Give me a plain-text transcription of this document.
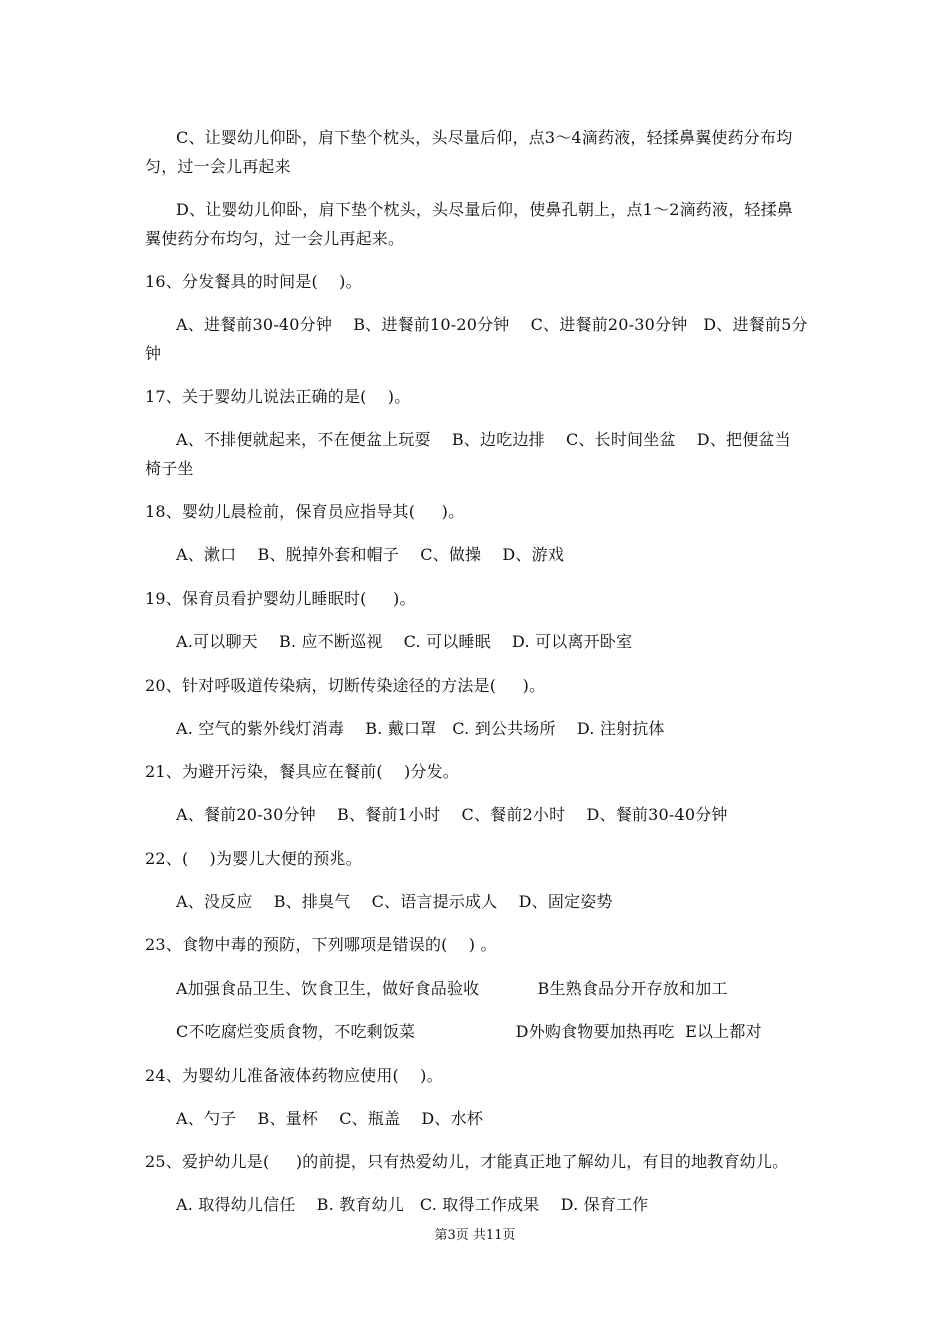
C、让婴幼儿仰卧，肩下垫个枕头，头尽量后仰，点3～4滴药液，轻揉鼻翼使药分布均
匀，过一会儿再起来
D、让婴幼儿仰卧，肩下垫个枕头，头尽量后仰，使鼻孔朝上，点1～2滴药液，轻揉鼻
翼使药分布均匀，过一会儿再起来。
16、分发餐具的时间是(    )。
A、进餐前30-40分钟    B、进餐前10-20分钟    C、进餐前20-30分钟   D、进餐前5分
钟
17、关于婴幼儿说法正确的是(    )。
A、不排便就起来，不在便盆上玩耍    B、边吃边排    C、长时间坐盆    D、把便盆当
椅子坐
18、婴幼儿晨检前，保育员应指导其(     )。
A、漱口    B、脱掉外套和帽子    C、做操    D、游戏
19、保育员看护婴幼儿睡眠时(     )。
A.可以聊天    B. 应不断巡视    C. 可以睡眠    D. 可以离开卧室
20、针对呼吸道传染病，切断传染途径的方法是(     )。
A. 空气的紫外线灯消毒    B. 戴口罩   C. 到公共场所    D. 注射抗体
21、为避开污染，餐具应在餐前(    )分发。
A、餐前20-30分钟    B、餐前1小时    C、餐前2小时    D、餐前30-40分钟
22、(    )为婴儿大便的预兆。
A、没反应    B、排臭气    C、语言提示成人    D、固定姿势
23、食物中毒的预防，下列哪项是错误的(    ) 。
A加强食品卫生、饮食卫生，做好食品验收           B生熟食品分开存放和加工
C不吃腐烂变质食物，不吃剩饭菜                   D外购食物要加热再吃  E以上都对
24、为婴幼儿准备液体药物应使用(    )。
A、勺子    B、量杯    C、瓶盖    D、水杯
25、爱护幼儿是(     )的前提，只有热爱幼儿，才能真正地了解幼儿，有目的地教育幼儿。
A. 取得幼儿信任    B. 教育幼儿   C. 取得工作成果    D. 保育工作
第3页 共11页
